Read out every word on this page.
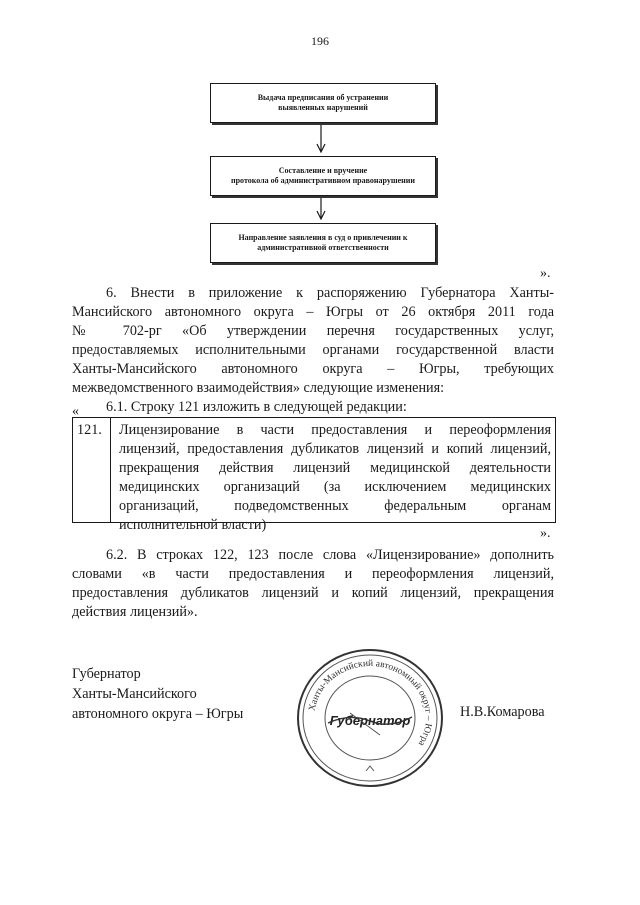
196
Выдача предписания об устранении
выявленных нарушений
Составление и вручение
протокола об административном правонарушении
Направление заявления в суд о привлечении к
административной ответственности
».
6. Внести в приложение к распоряжению Губернатора Ханты-
Мансийского автономного округа – Югры от 26 октября 2011 года
№ 702-рг «Об утверждении перечня государственных услуг,
предоставляемых исполнительными органами государственной власти
Ханты-Мансийского автономного округа – Югры, требующих
межведомственного взаимодействия» следующие изменения:
6.1. Строку 121 изложить в следующей редакции:
«
121.	Лицензирование в части предоставления и переоформления
лицензий, предоставления дубликатов лицензий и копий лицензий,
прекращения действия лицензий медицинской деятельности
медицинских организаций (за исключением медицинских
организаций, подведомственных федеральным органам
исполнительной власти)
».
6.2. В строках 122, 123 после слова «Лицензирование» дополнить
словами «в части предоставления и переоформления лицензий,
предоставления дубликатов лицензий и копий лицензий, прекращения
действия лицензий».
Губернатор
Ханты-Мансийского
автономного округа – Югры	Ханты-Мансийский автономный округ – Югра
Губернатор
Н.В.Комарова
